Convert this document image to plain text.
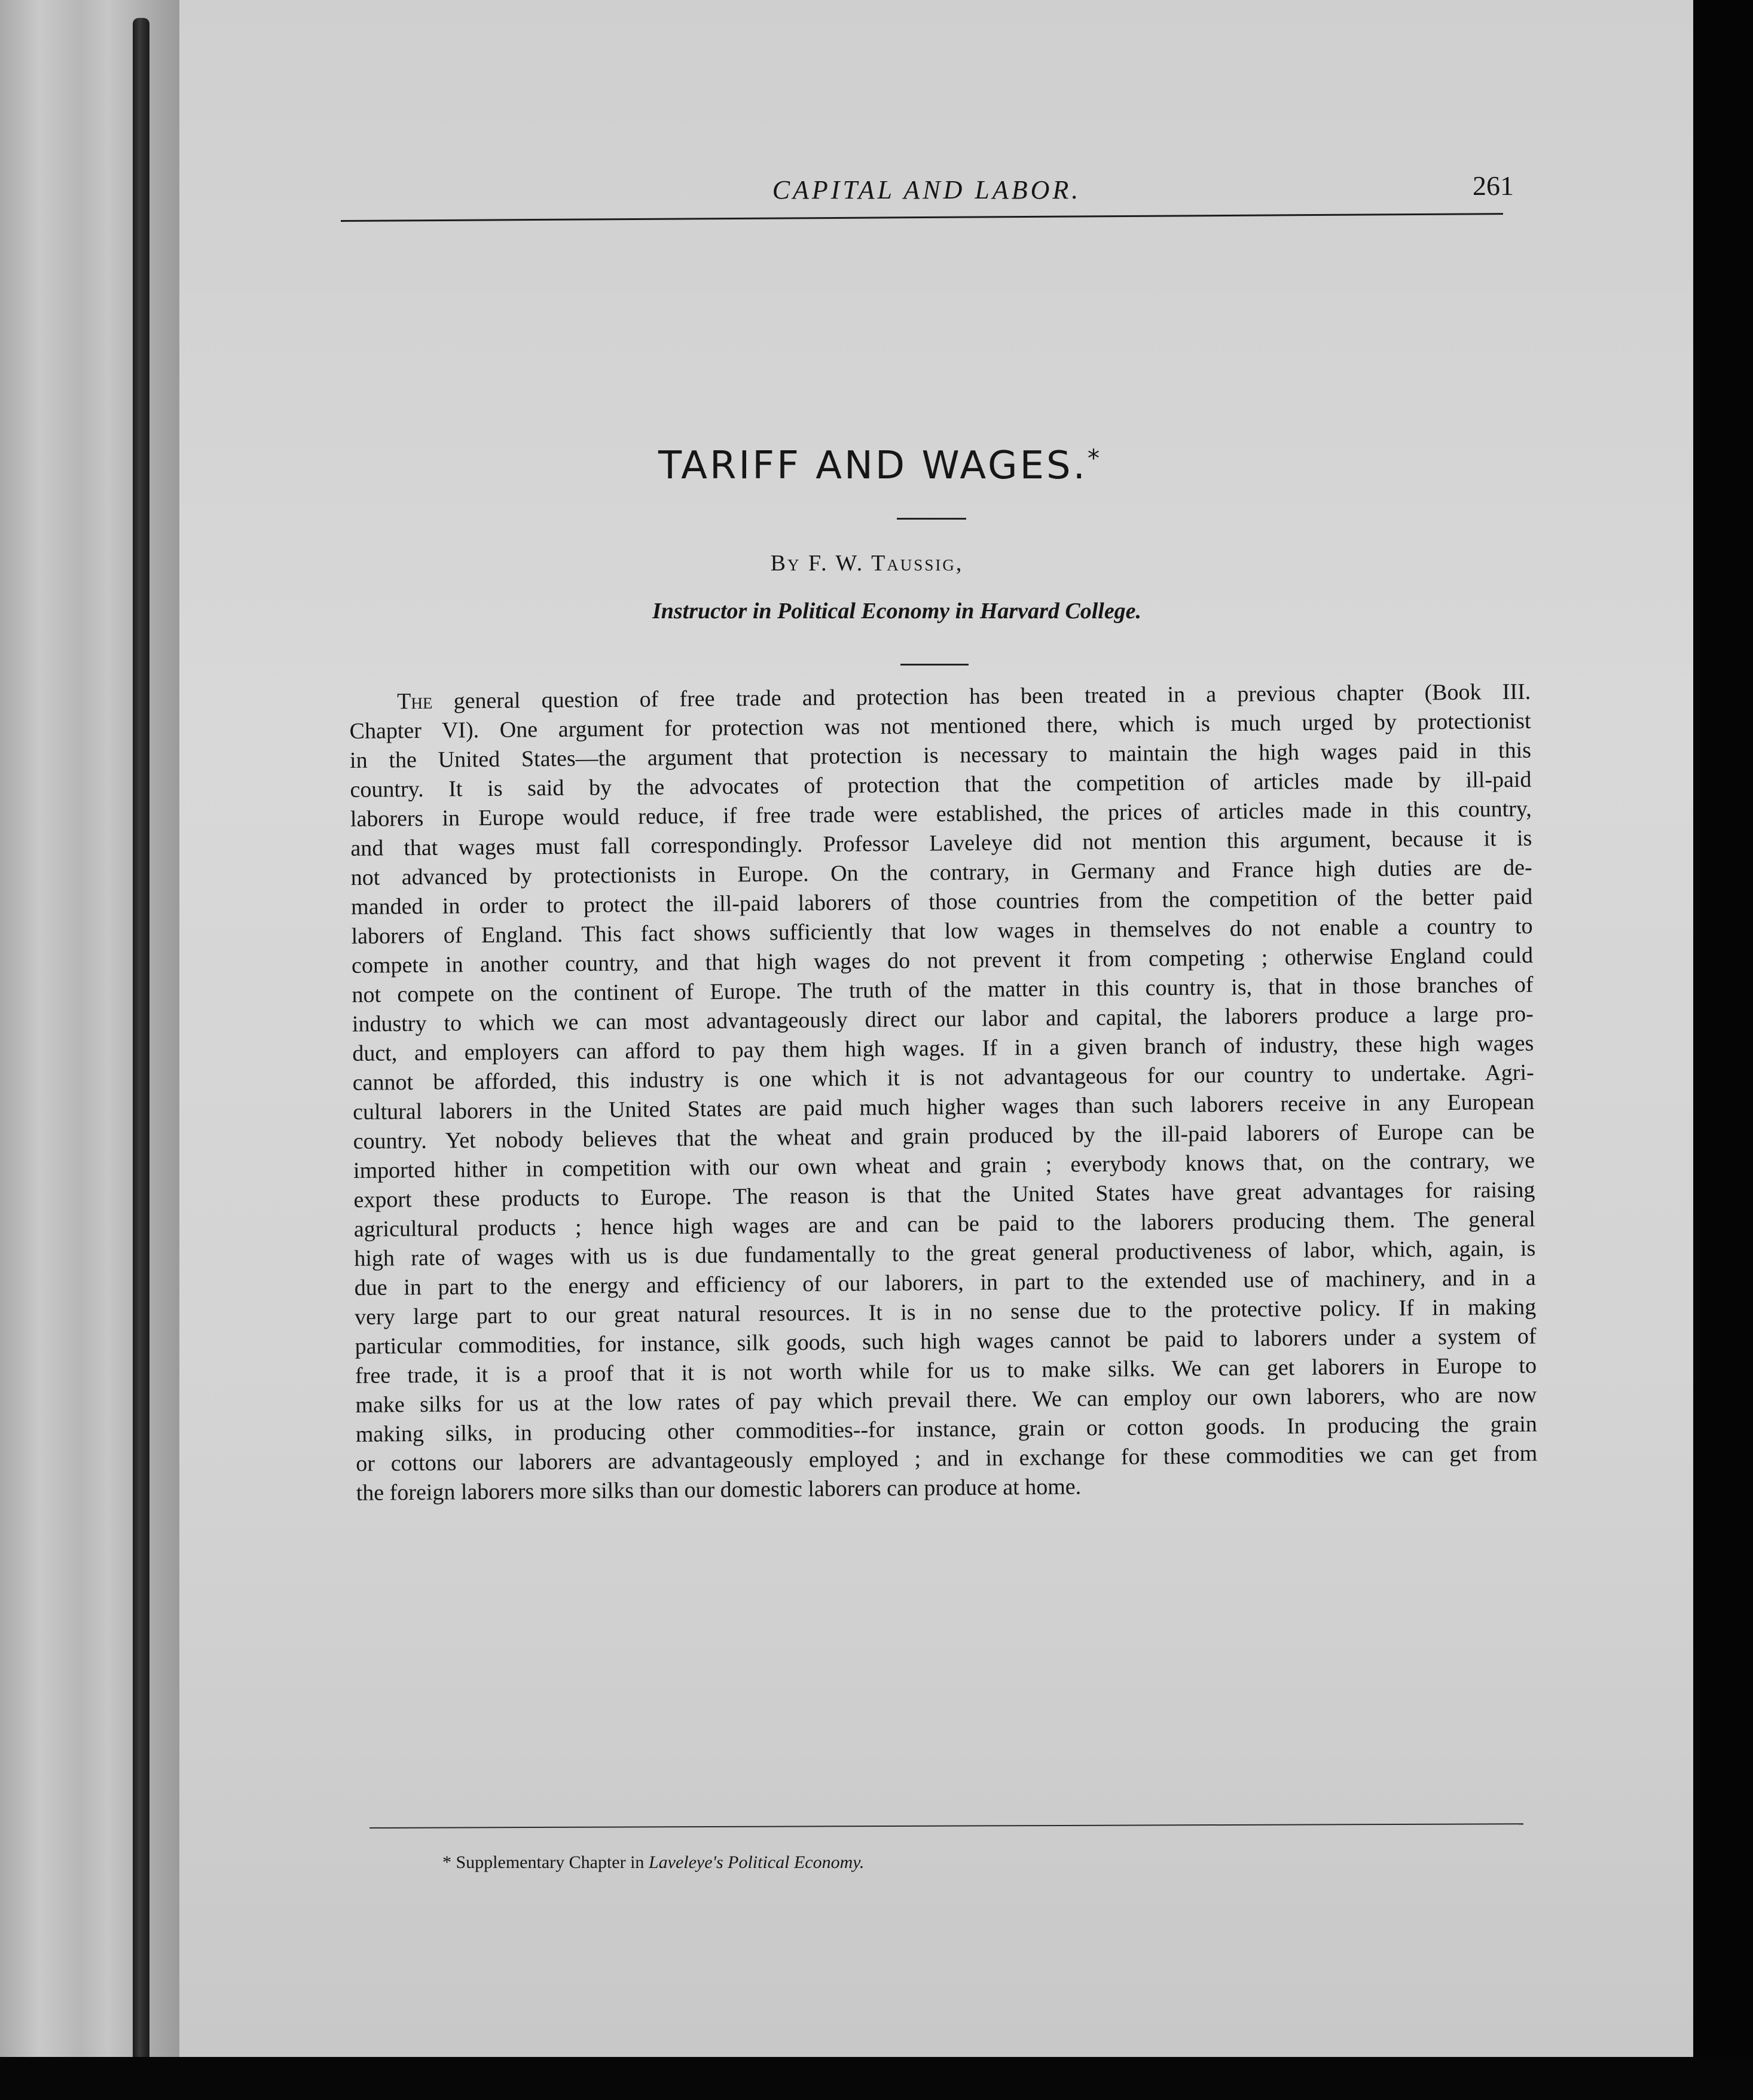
CAPITAL AND LABOR.	261
TARIFF AND WAGES.*
By F. W. Taussig,
Instructor in Political Economy in Harvard College.
The general question of free trade and protection has been treated in a previous chapter (Book III.
Chapter VI). One argument for protection was not mentioned there, which is much urged by protectionist
in the United States—the argument that protection is necessary to maintain the high wages paid in this
country. It is said by the advocates of protection that the competition of articles made by ill-paid
laborers in Europe would reduce, if free trade were established, the prices of articles made in this country,
and that wages must fall correspondingly. Professor Laveleye did not mention this argument, because it is
not advanced by protectionists in Europe. On the contrary, in Germany and France high duties are de-
manded in order to protect the ill-paid laborers of those countries from the competition of the better paid
laborers of England. This fact shows sufficiently that low wages in themselves do not enable a country to
compete in another country, and that high wages do not prevent it from competing ; otherwise England could
not compete on the continent of Europe. The truth of the matter in this country is, that in those branches of
industry to which we can most advantageously direct our labor and capital, the laborers produce a large pro-
duct, and employers can afford to pay them high wages. If in a given branch of industry, these high wages
cannot be afforded, this industry is one which it is not advantageous for our country to undertake. Agri-
cultural laborers in the United States are paid much higher wages than such laborers receive in any European
country. Yet nobody believes that the wheat and grain produced by the ill-paid laborers of Europe can be
imported hither in competition with our own wheat and grain ; everybody knows that, on the contrary, we
export these products to Europe. The reason is that the United States have great advantages for raising
agricultural products ; hence high wages are and can be paid to the laborers producing them. The general
high rate of wages with us is due fundamentally to the great general productiveness of labor, which, again, is
due in part to the energy and efficiency of our laborers, in part to the extended use of machinery, and in a
very large part to our great natural resources. It is in no sense due to the protective policy. If in making
particular commodities, for instance, silk goods, such high wages cannot be paid to laborers under a system of
free trade, it is a proof that it is not worth while for us to make silks. We can get laborers in Europe to
make silks for us at the low rates of pay which prevail there. We can employ our own laborers, who are now
making silks, in producing other commodities--for instance, grain or cotton goods. In producing the grain
or cottons our laborers are advantageously employed ; and in exchange for these commodities we can get from
the foreign laborers more silks than our domestic laborers can produce at home.
* Supplementary Chapter in Laveleye's Political Economy.
